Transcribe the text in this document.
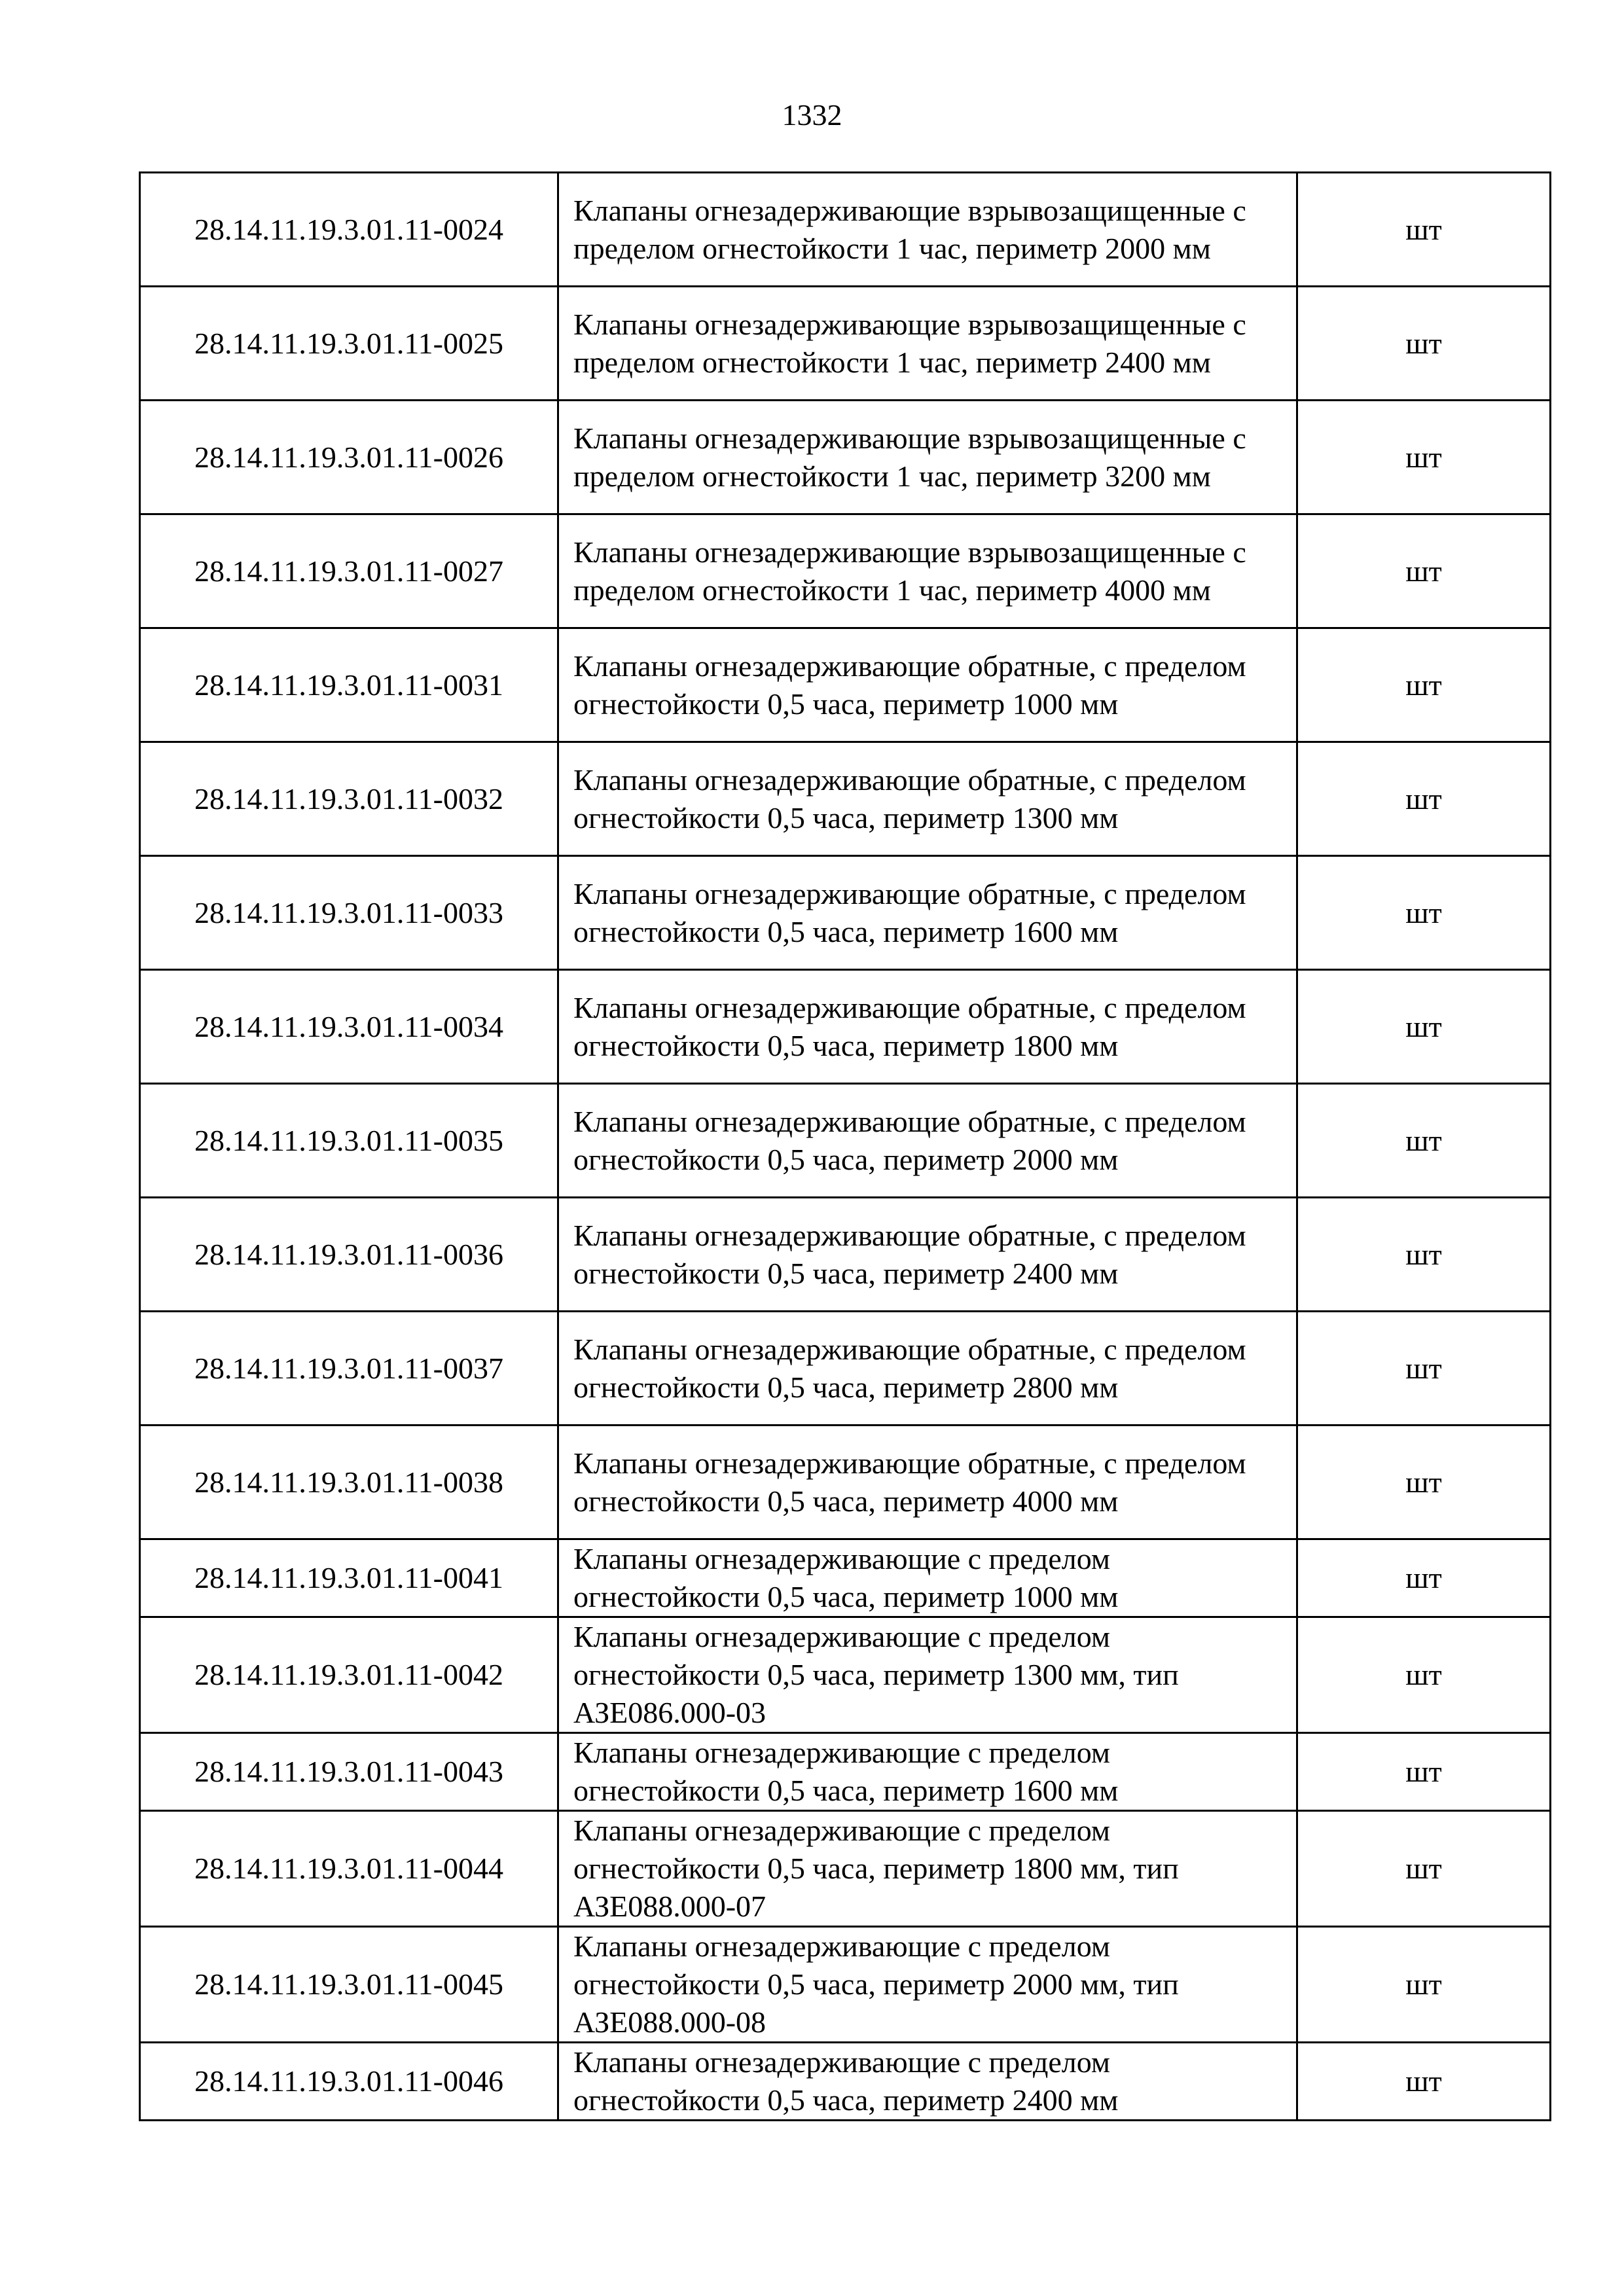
1332
28.14.11.19.3.01.11-0024	Клапаны огнезадерживающие взрывозащищенные с пределом огнестойкости 1 час, периметр 2000 мм	шт
28.14.11.19.3.01.11-0025	Клапаны огнезадерживающие взрывозащищенные с пределом огнестойкости 1 час, периметр 2400 мм	шт
28.14.11.19.3.01.11-0026	Клапаны огнезадерживающие взрывозащищенные с пределом огнестойкости 1 час, периметр 3200 мм	шт
28.14.11.19.3.01.11-0027	Клапаны огнезадерживающие взрывозащищенные с пределом огнестойкости 1 час, периметр 4000 мм	шт
28.14.11.19.3.01.11-0031	Клапаны огнезадерживающие обратные, с пределом огнестойкости 0,5 часа, периметр 1000 мм	шт
28.14.11.19.3.01.11-0032	Клапаны огнезадерживающие обратные, с пределом огнестойкости 0,5 часа, периметр 1300 мм	шт
28.14.11.19.3.01.11-0033	Клапаны огнезадерживающие обратные, с пределом огнестойкости 0,5 часа, периметр 1600 мм	шт
28.14.11.19.3.01.11-0034	Клапаны огнезадерживающие обратные, с пределом огнестойкости 0,5 часа, периметр 1800 мм	шт
28.14.11.19.3.01.11-0035	Клапаны огнезадерживающие обратные, с пределом огнестойкости 0,5 часа, периметр 2000 мм	шт
28.14.11.19.3.01.11-0036	Клапаны огнезадерживающие обратные, с пределом огнестойкости 0,5 часа, периметр 2400 мм	шт
28.14.11.19.3.01.11-0037	Клапаны огнезадерживающие обратные, с пределом огнестойкости 0,5 часа, периметр 2800 мм	шт
28.14.11.19.3.01.11-0038	Клапаны огнезадерживающие обратные, с пределом огнестойкости 0,5 часа, периметр 4000 мм	шт
28.14.11.19.3.01.11-0041	Клапаны огнезадерживающие с пределом огнестойкости 0,5 часа, периметр 1000 мм	шт
28.14.11.19.3.01.11-0042	Клапаны огнезадерживающие с пределом огнестойкости 0,5 часа, периметр 1300 мм, тип АЗЕ086.000-03	шт
28.14.11.19.3.01.11-0043	Клапаны огнезадерживающие с пределом огнестойкости 0,5 часа, периметр 1600 мм	шт
28.14.11.19.3.01.11-0044	Клапаны огнезадерживающие с пределом огнестойкости 0,5 часа, периметр 1800 мм, тип АЗЕ088.000-07	шт
28.14.11.19.3.01.11-0045	Клапаны огнезадерживающие с пределом огнестойкости 0,5 часа, периметр 2000 мм, тип АЗЕ088.000-08	шт
28.14.11.19.3.01.11-0046	Клапаны огнезадерживающие с пределом огнестойкости 0,5 часа, периметр 2400 мм	шт
